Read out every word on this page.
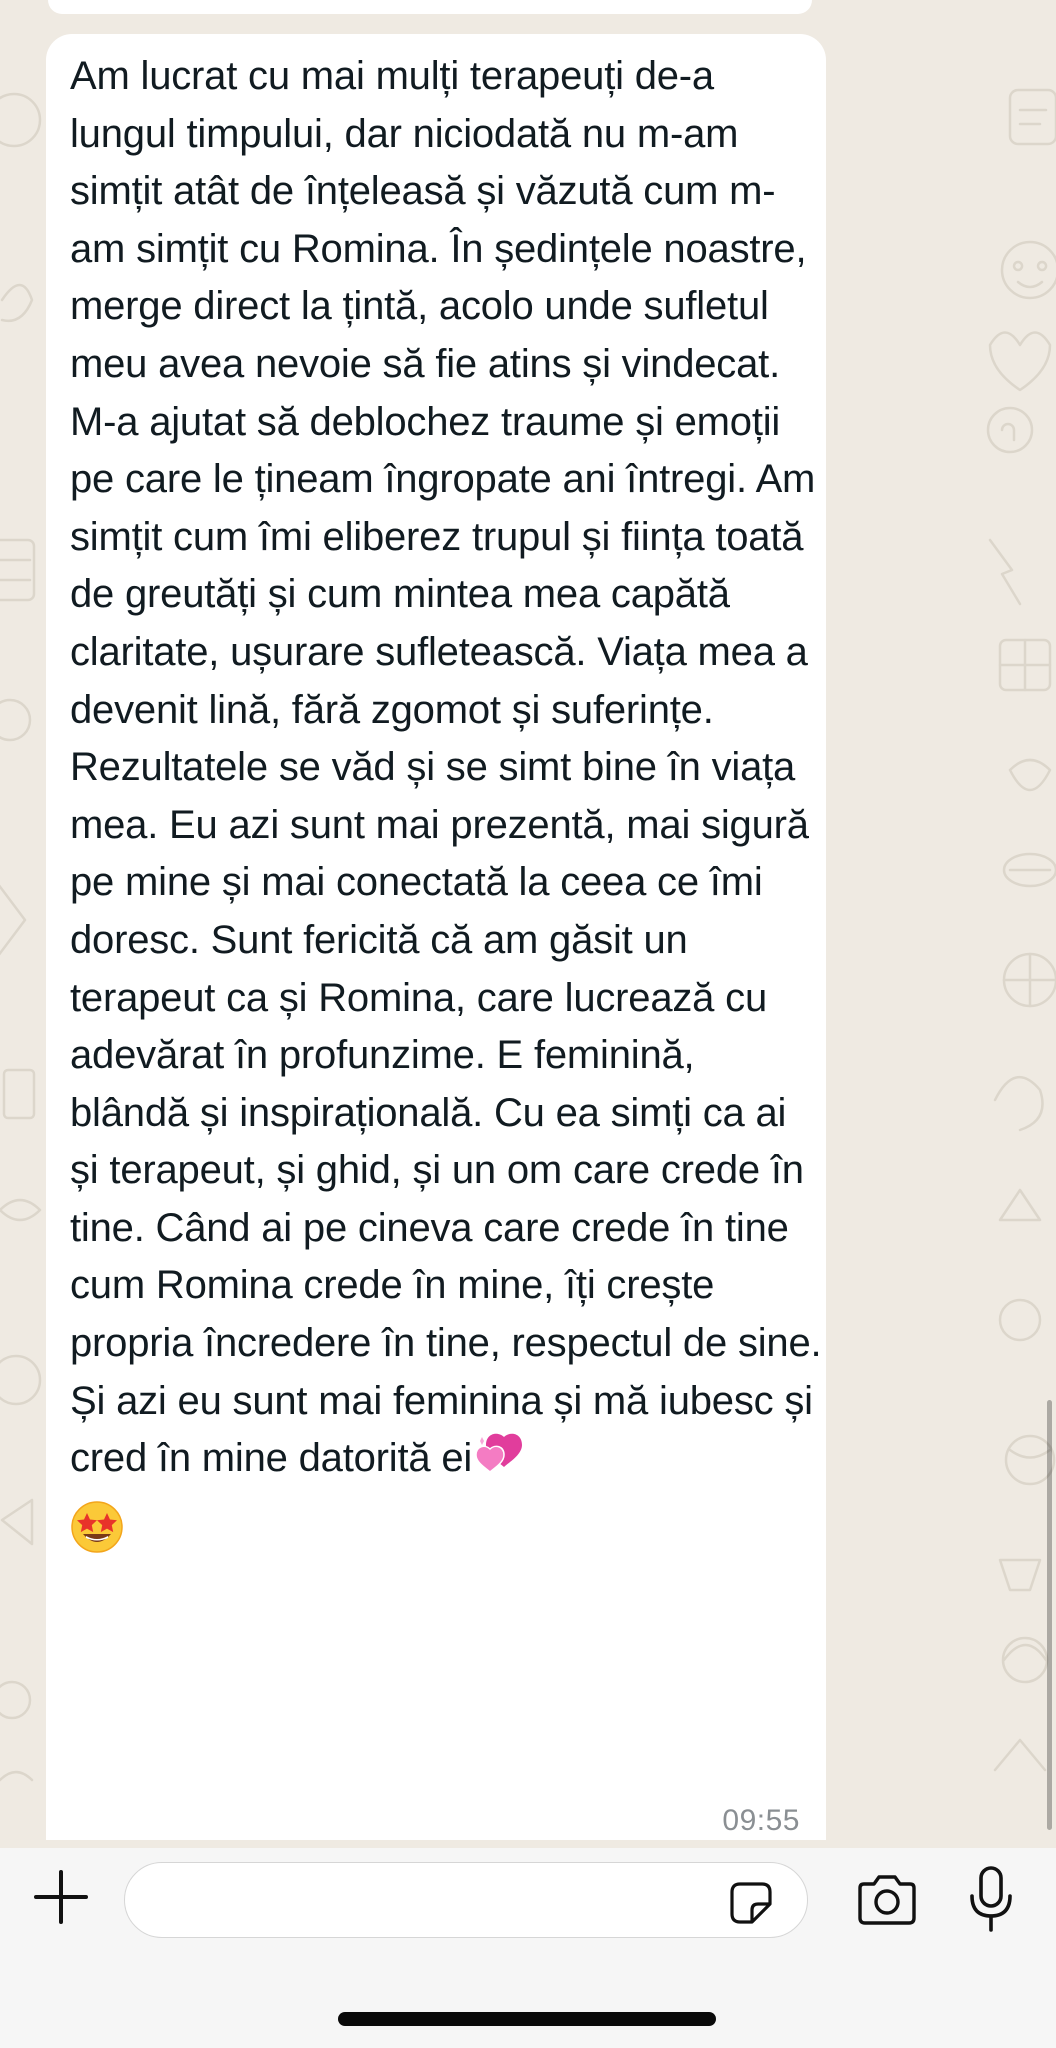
Am lucrat cu mai mulți terapeuți de-a lungul timpului, dar niciodată nu m-am simțit atât de înțeleasă și văzută cum m-am simțit cu Romina. În ședințele noastre, merge direct la țintă, acolo unde sufletul meu avea nevoie să fie atins și vindecat. M-a ajutat să deblochez traume și emoții pe care le țineam îngropate ani întregi. Am simțit cum îmi eliberez trupul și ființa toată de greutăți și cum mintea mea capătă claritate, ușurare sufletească. Viața mea a devenit lină, fără zgomot și suferințe.
Rezultatele se văd și se simt bine în viața mea. Eu azi sunt mai prezentă, mai sigură pe mine și mai conectată la ceea ce îmi doresc. Sunt fericită că am găsit un terapeut ca și Romina, care lucrează cu adevărat în profunzime. E feminină, blândă și inspirațională. Cu ea simți ca ai și terapeut, și ghid, și un om care crede în tine. Când ai pe cineva care crede în tine cum Romina crede în mine, îți crește propria încredere în tine, respectul de sine.
Și azi eu sunt mai feminina și mă iubesc și cred în mine datorită ei

09:55
